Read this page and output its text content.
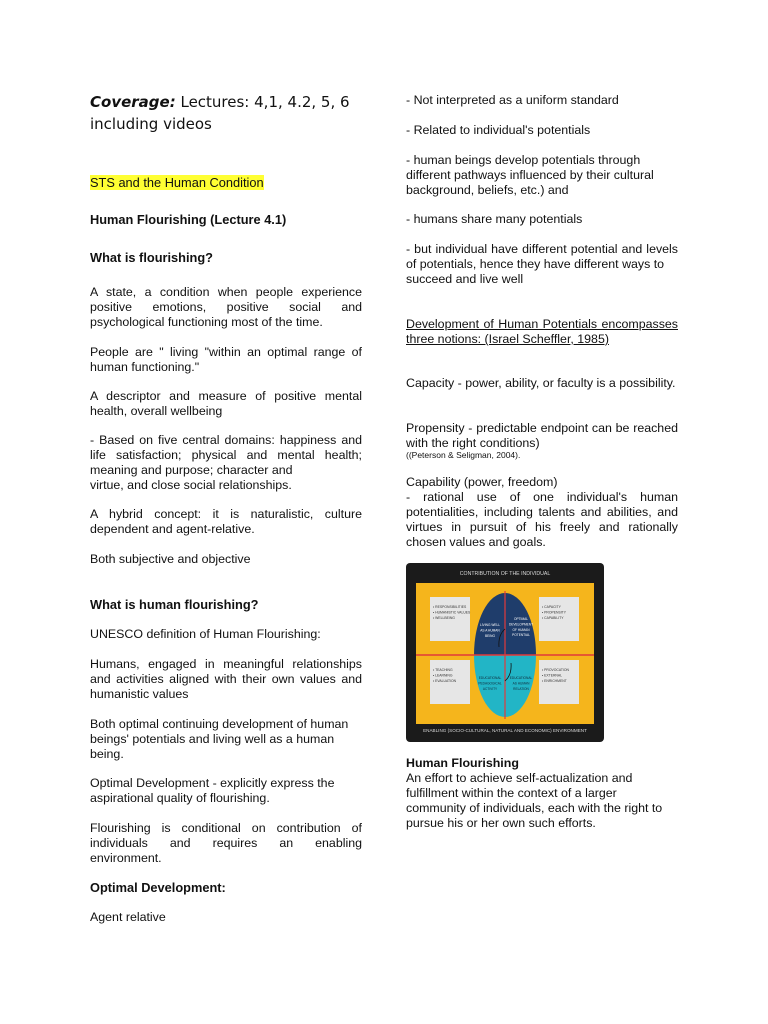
Coverage: Lectures: 4,1, 4.2, 5, 6 including videos

STS and the Human Condition

Human Flourishing (Lecture 4.1)

What is flourishing?

A state, a condition when people experience positive emotions, positive social and psychological functioning most of the time.

People are " living "within an optimal range of human functioning."

A descriptor and measure of positive mental health, overall wellbeing

- Based on five central domains: happiness and life satisfaction; physical and mental health; meaning and purpose; character and
virtue, and close social relationships.

A hybrid concept: it is naturalistic, culture dependent and agent-relative.

Both subjective and objective

What is human flourishing?

UNESCO definition of Human Flourishing:

Humans, engaged in meaningful relationships and activities aligned with their own values and humanistic values

Both optimal continuing development of human beings' potentials and living well as a human being.

Optimal Development - explicitly express the aspirational quality of flourishing.

Flourishing is conditional on contribution of individuals and requires an enabling environment.

Optimal Development:

Agent relative

- Not interpreted as a uniform standard

- Related to individual's potentials

- human beings develop potentials through
different pathways influenced by their cultural
background, beliefs, etc.) and

- humans share many potentials

- but individual have different potential and levels
of potentials, hence they have different ways to succeed and live well

Development of Human Potentials encompasses three notions: (Israel Scheffler, 1985)

Capacity - power, ability, or faculty is a possibility.

Propensity - predictable endpoint can be reached with the right conditions)

((Peterson & Seligman, 2004).

Capability (power, freedom)

- rational use of one individual's human potentialities, including talents and abilities, and virtues in pursuit of his freely and rationally chosen values and goals.

Human Flourishing

An effort to achieve self-actualization and fulfillment within the context of a larger community of individuals, each with the right to pursue his or her own such efforts.

CONTRIBUTION OF THE INDIVIDUAL
• RESPONSIBILITIES
• HUMANISTIC VALUES
• WELLBEING
• CAPACITY
• PROPENSITY
• CAPABILITY
• TEACHING
• LEARNING
• EVALUATION
• PROVOCATION
• EXTERNAL
• ENRICHMENT
LIVING WELL
AS A HUMAN
BEING
OPTIMAL
DEVELOPMENT
OF HUMAN
POTENTIAL
EDUCATIONAL
PEDAGOGICAL
ACTIVITY
EDUCATIONAL
AS HUMAN
RELATION
ENABLING (SOCIO-CULTURAL, NATURAL AND ECONOMIC) ENVIRONMENT
